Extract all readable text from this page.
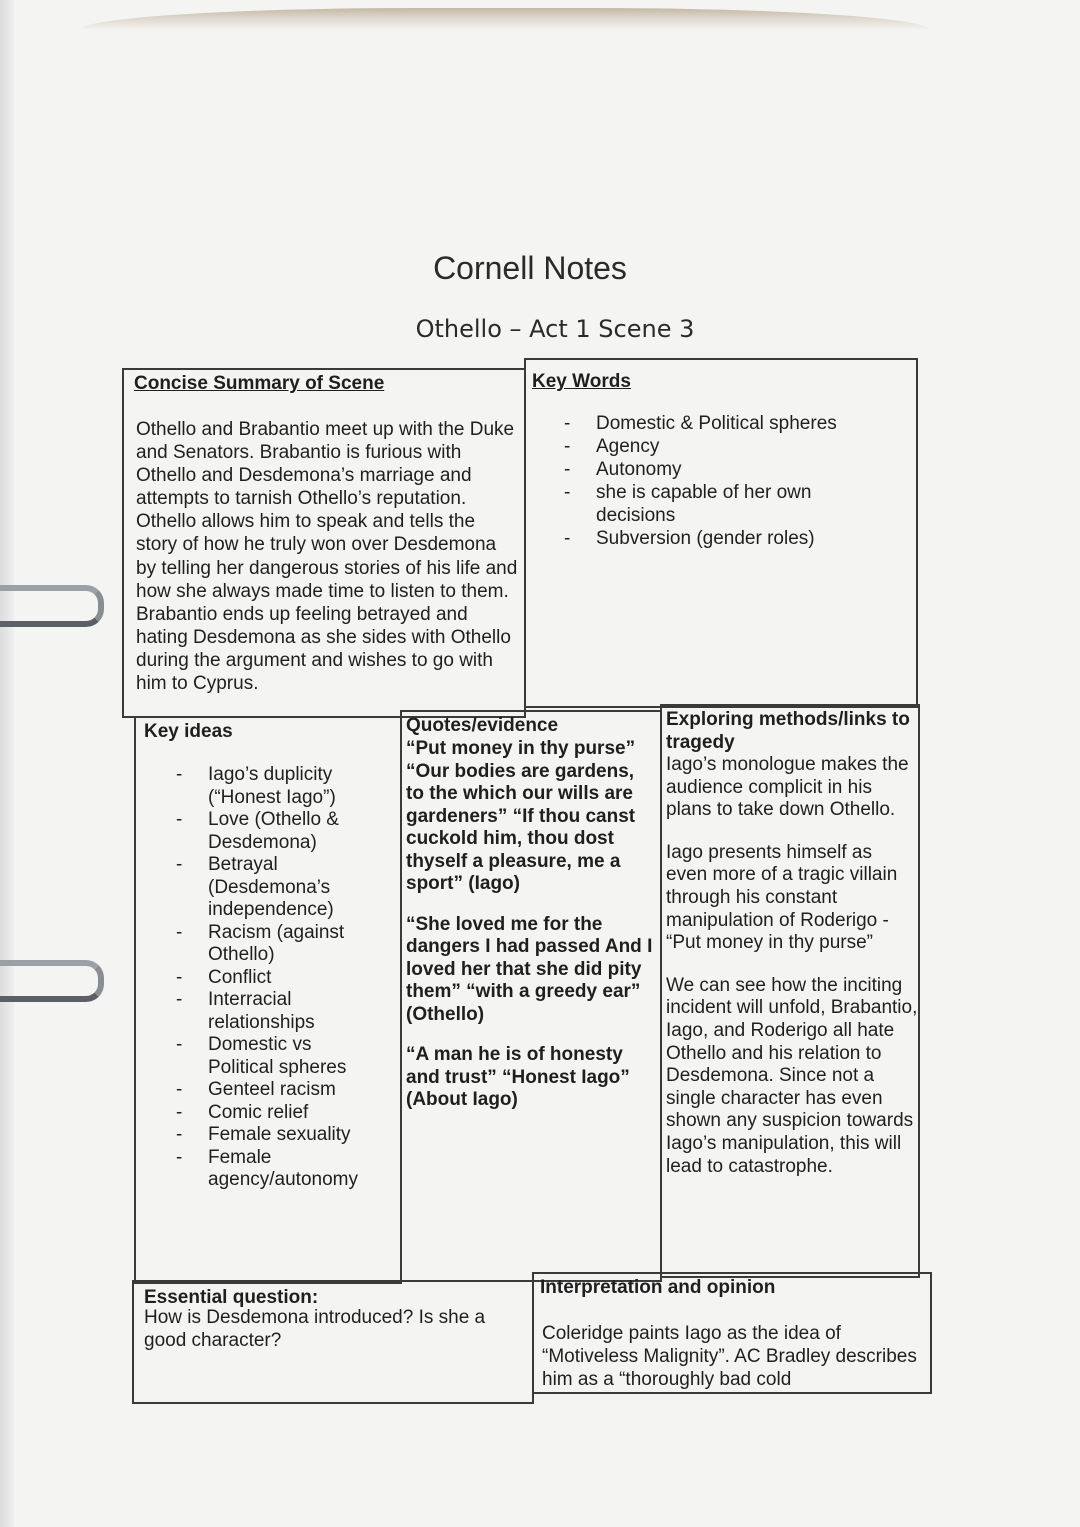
Cornell Notes
Othello – Act 1 Scene 3
Concise Summary of Scene
Othello and Brabantio meet up with the Duke and Senators. Brabantio is furious with Othello and Desdemona’s marriage and attempts to tarnish Othello’s reputation. Othello allows him to speak and tells the story of how he truly won over Desdemona by telling her dangerous stories of his life and how she always made time to listen to them. Brabantio ends up feeling betrayed and hating Desdemona as she sides with Othello during the argument and wishes to go with him to Cyprus.
Key Words
- Domestic & Political spheres
- Agency
- Autonomy
- she is capable of her own decisions
- Subversion (gender roles)
Key ideas
- Iago’s duplicity (“Honest Iago”)
- Love (Othello & Desdemona)
- Betrayal (Desdemona’s independence)
- Racism (against Othello)
- Conflict
- Interracial relationships
- Domestic vs Political spheres
- Genteel racism
- Comic relief
- Female sexuality
- Female agency/autonomy
Quotes/evidence

“Put money in thy purse” “Our bodies are gardens, to the which our wills are gardeners” “If thou canst cuckold him, thou dost thyself a pleasure, me a sport” (Iago)

“She loved me for the dangers I had passed And I loved her that she did pity them” “with a greedy ear” (Othello)

“A man he is of honesty and trust” “Honest Iago” (About Iago)

Exploring methods/links to tragedy

Iago’s monologue makes the audience complicit in his plans to take down Othello.

Iago presents himself as even more of a tragic villain through his constant manipulation of Roderigo - “Put money in thy purse”

We can see how the inciting incident will unfold, Brabantio, Iago, and Roderigo all hate Othello and his relation to Desdemona. Since not a single character has even shown any suspicion towards Iago’s manipulation, this will lead to catastrophe.

Essential question:
How is Desdemona introduced? Is she a good character?
Interpretation and opinion
Coleridge paints Iago as the idea of “Motiveless Malignity”. AC Bradley describes him as a “thoroughly bad cold
